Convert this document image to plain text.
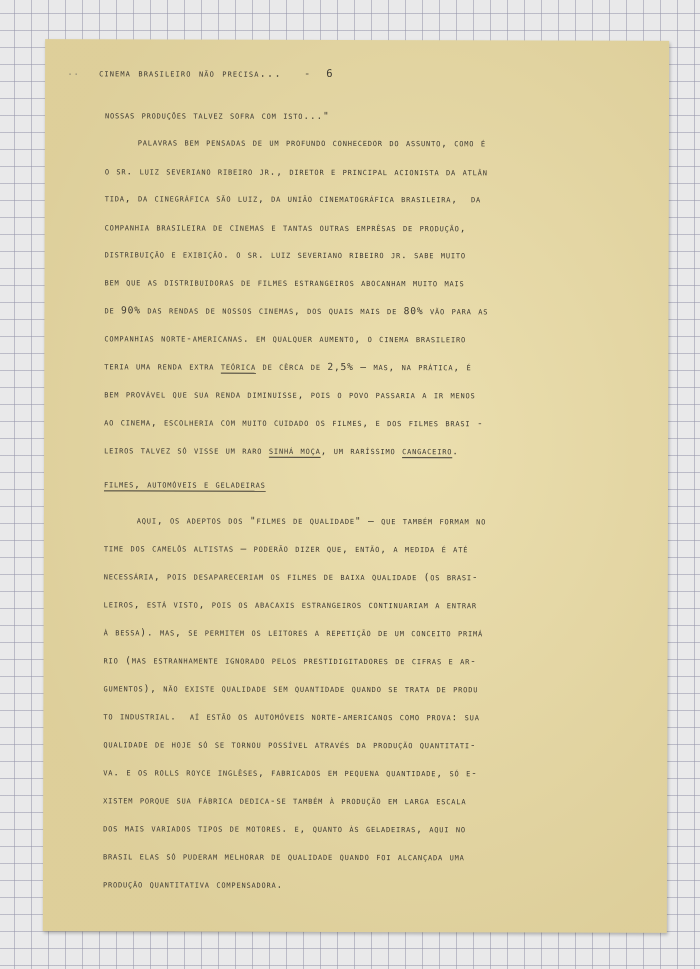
˙˙ cinema brasileiro não precisa...   -  6
nossas produções talvez sofra com isto..."
palavras bem pensadas de um profundo conhecedor do assunto, como é
o sr. luiz severiano ribeiro jr., diretor e principal acionista da atlân
tida, da cinegráfica são luiz, da união cinematográfica brasileira,  da
companhia brasileira de cinemas e tantas outras emprêsas de produção,
distribuição e exibição. o sr. luiz severiano ribeiro jr. sabe muito
bem que as distribuidoras de filmes estrangeiros abocanham muito mais
de 90% das rendas de nossos cinemas, dos quais mais de 80% vão para as
companhias norte-americanas. em qualquer aumento, o cinema brasileiro
teria uma renda extra teórica de cêrca de 2,5% — mas, na prática, é
bem provável que sua renda diminuisse, pois o povo passaria a ir menos
ao cinema, escolheria com muito cuidado os filmes, e dos filmes brasi -
leiros talvez só visse um raro sinhá moça, um raríssimo cangaceiro.
filmes, automóveis e geladeiras
aqui, os adeptos dos "filmes de qualidade" — que também formam no
time dos camelôs altistas — poderão dizer que, então, a medida é até
necessária, pois desapareceriam os filmes de baixa qualidade (os brasi-
leiros, está visto, pois os abacaxis estrangeiros continuariam a entrar
à bessa). mas, se permitem os leitores a repetição de um conceito primá
rio (mas estranhamente ignorado pelos prestidigitadores de cifras e ar-
gumentos), não existe qualidade sem quantidade quando se trata de produ
to industrial.  aí estão os automóveis norte-americanos como prova: sua
qualidade de hoje só se tornou possível através da produção quantitati-
va. e os rolls royce inglêses, fabricados em pequena quantidade, só e-
xistem porque sua fábrica dedica-se também à produção em larga escala
dos mais variados tipos de motores. e, quanto às geladeiras, aqui no
brasil elas só puderam melhorar de qualidade quando foi alcançada uma
produção quantitativa compensadora.
